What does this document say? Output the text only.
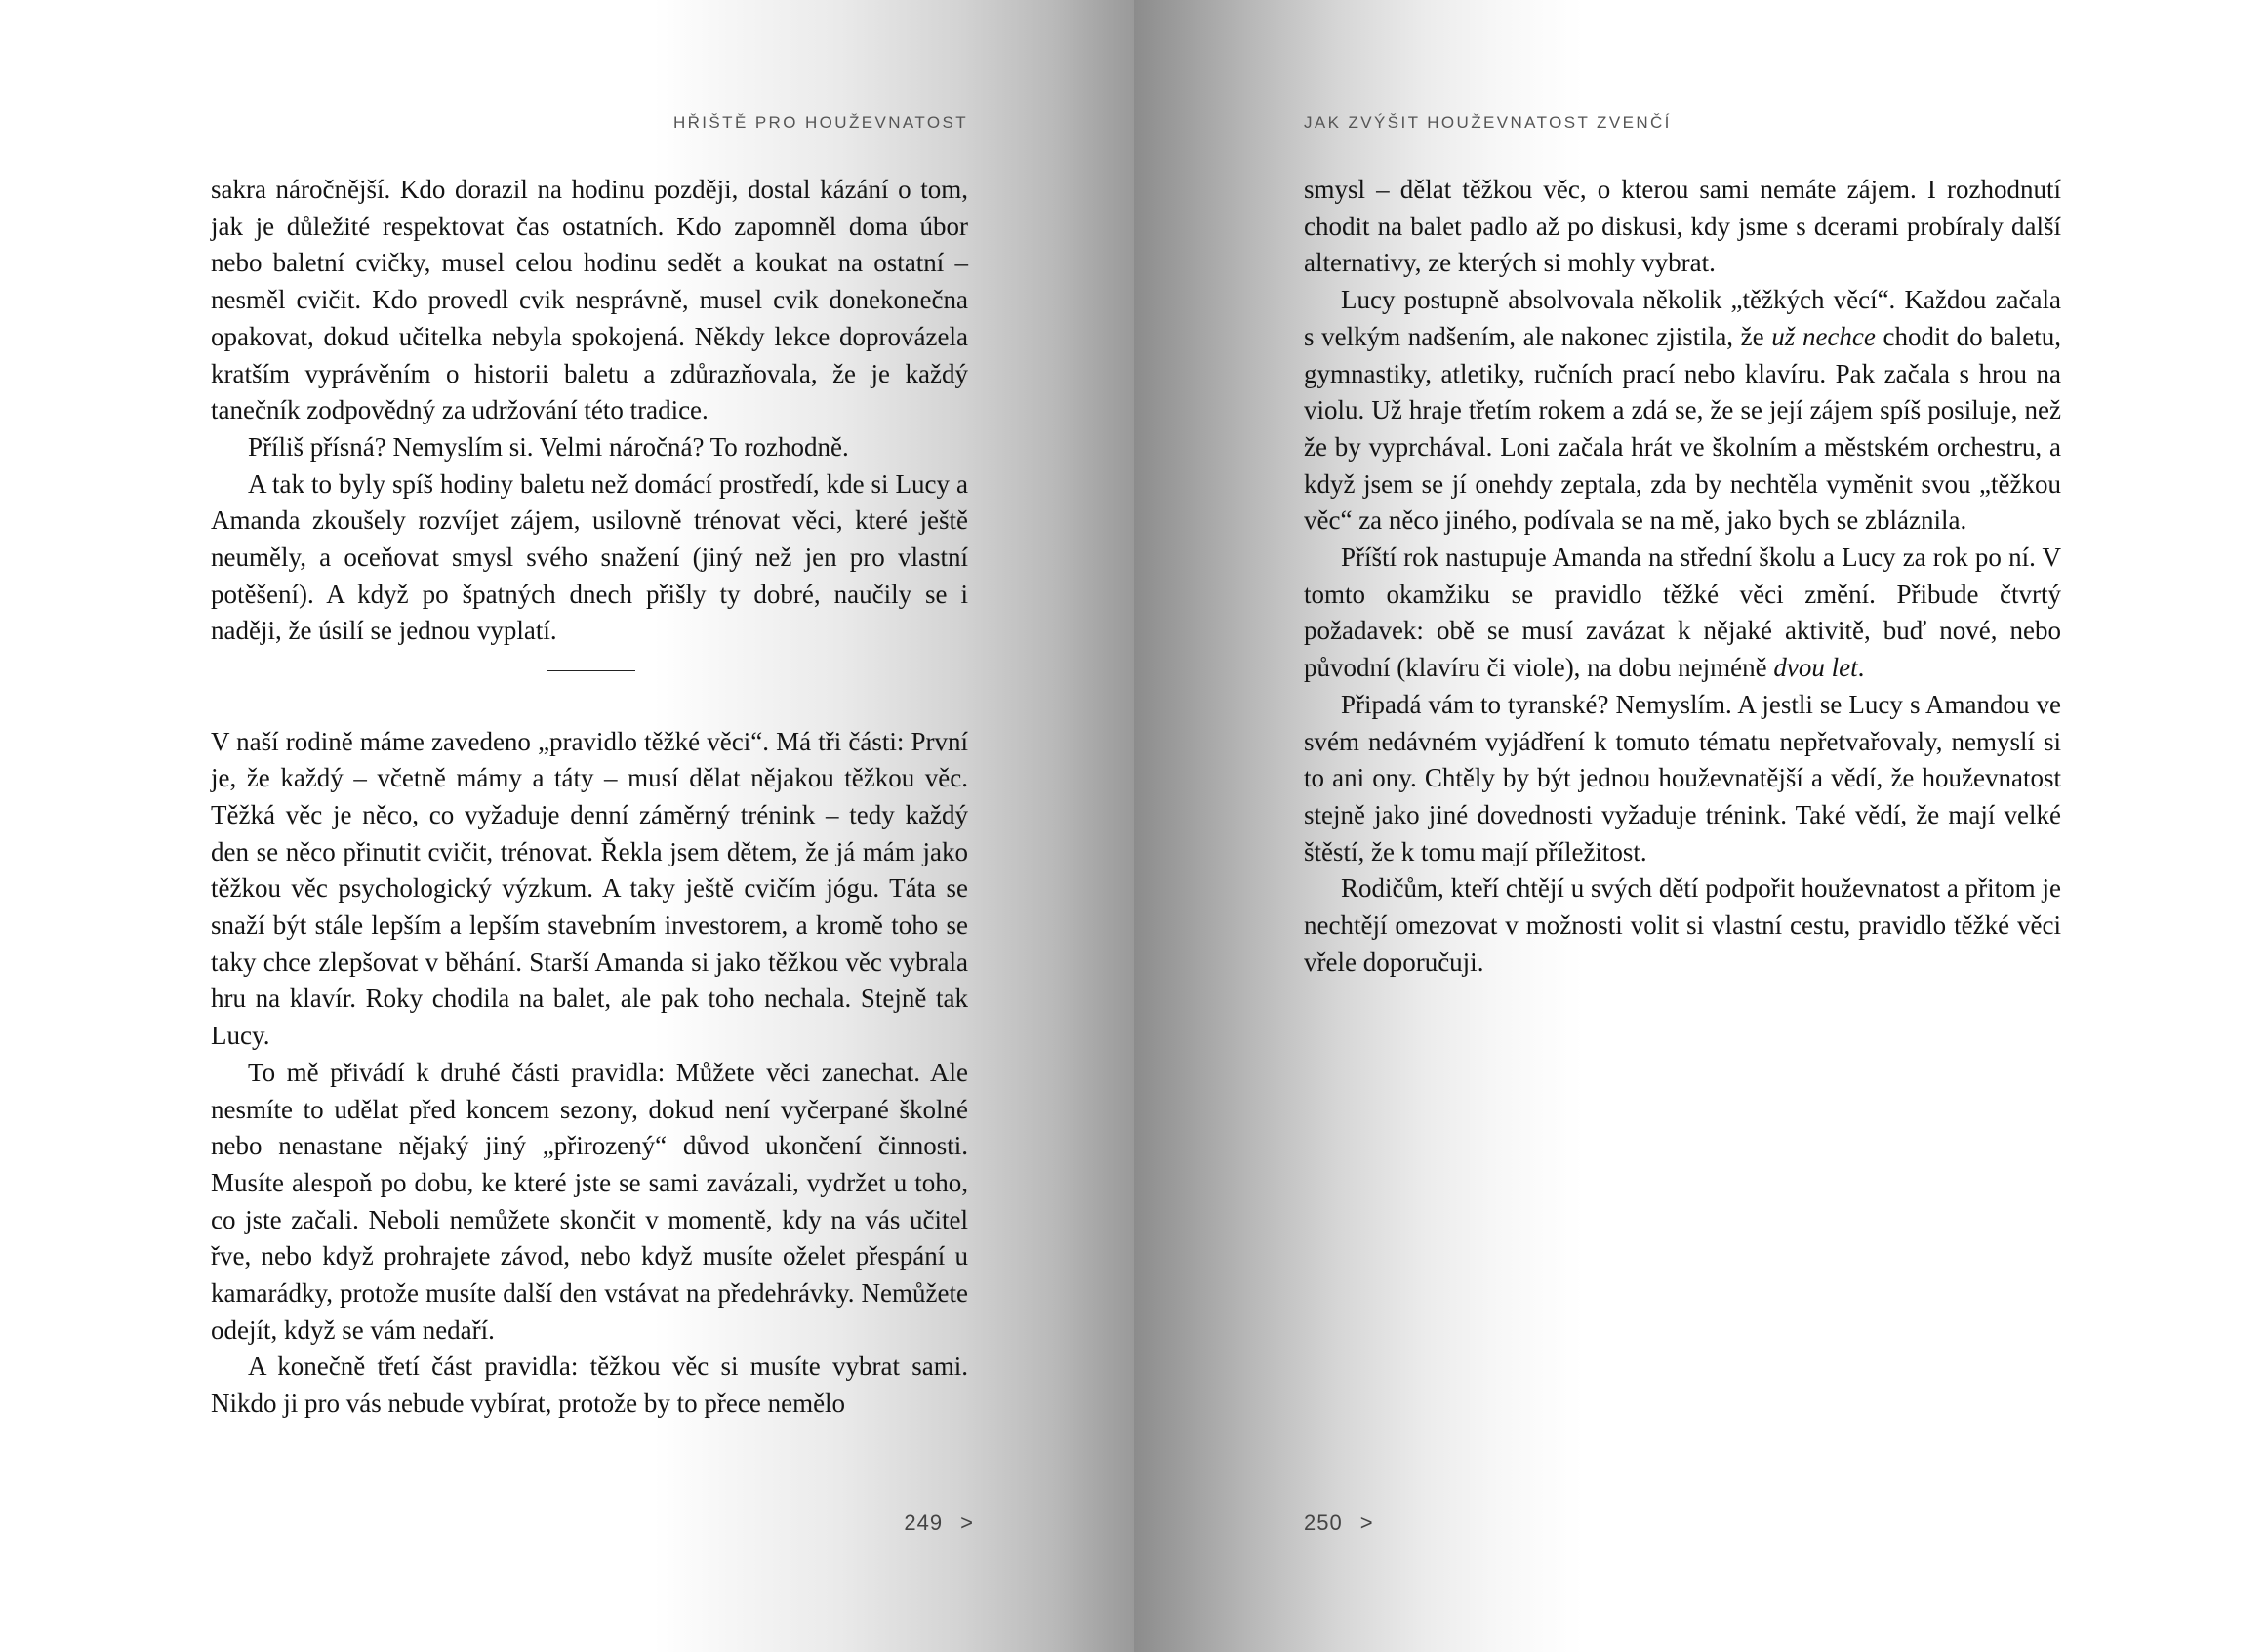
HŘIŠTĚ PRO HOUŽEVNATOST

sakra náročnější. Kdo dorazil na hodinu později, dostal kázání o tom, jak je důležité respektovat čas ostatních. Kdo zapomněl doma úbor nebo baletní cvičky, musel celou hodinu sedět a koukat na ostatní – nesměl cvičit. Kdo provedl cvik nesprávně, musel cvik donekonečna opakovat, dokud učitelka nebyla spokojená. Někdy lekce doprovázela kratším vyprávěním o historii baletu a zdůrazňovala, že je každý tanečník zodpovědný za udržování této tradice.

Příliš přísná? Nemyslím si. Velmi náročná? To rozhodně.

A tak to byly spíš hodiny baletu než domácí prostředí, kde si Lucy a Amanda zkoušely rozvíjet zájem, usilovně trénovat věci, které ještě neuměly, a oceňovat smysl svého snažení (jiný než jen pro vlastní potěšení). A když po špatných dnech přišly ty dobré, naučily se i naději, že úsilí se jednou vyplatí.

V naší rodině máme zavedeno „pravidlo těžké věci“. Má tři části: První je, že každý – včetně mámy a táty – musí dělat nějakou těžkou věc. Těžká věc je něco, co vyžaduje denní záměrný trénink – tedy každý den se něco přinutit cvičit, trénovat. Řekla jsem dětem, že já mám jako těžkou věc psychologický výzkum. A taky ještě cvičím jógu. Táta se snaží být stále lepším a lepším stavebním investorem, a kromě toho se taky chce zlepšovat v běhání. Starší Amanda si jako těžkou věc vybrala hru na klavír. Roky chodila na balet, ale pak toho nechala. Stejně tak Lucy.

To mě přivádí k druhé části pravidla: Můžete věci zanechat. Ale nesmíte to udělat před koncem sezony, dokud není vyčerpané školné nebo nenastane nějaký jiný „přirozený“ důvod ukončení činnosti. Musíte alespoň po dobu, ke které jste se sami zavázali, vydržet u toho, co jste začali. Neboli nemůžete skončit v momentě, kdy na vás učitel řve, nebo když prohrajete závod, nebo když musíte oželet přespání u kamarádky, protože musíte další den vstávat na předehrávky. Nemůžete odejít, když se vám nedaří.

A konečně třetí část pravidla: těžkou věc si musíte vybrat sami. Nikdo ji pro vás nebude vybírat, protože by to přece nemělo

249 >
JAK ZVÝŠIT HOUŽEVNATOST ZVENČÍ

smysl – dělat těžkou věc, o kterou sami nemáte zájem. I rozhodnutí chodit na balet padlo až po diskusi, kdy jsme s dcerami probíraly další alternativy, ze kterých si mohly vybrat.

Lucy postupně absolvovala několik „těžkých věcí“. Každou začala s velkým nadšením, ale nakonec zjistila, že už nechce chodit do baletu, gymnastiky, atletiky, ručních prací nebo klavíru. Pak začala s hrou na violu. Už hraje třetím rokem a zdá se, že se její zájem spíš posiluje, než že by vyprchával. Loni začala hrát ve školním a městském orchestru, a když jsem se jí onehdy zeptala, zda by nechtěla vyměnit svou „těžkou věc“ za něco jiného, podívala se na mě, jako bych se zbláznila.

Příští rok nastupuje Amanda na střední školu a Lucy za rok po ní. V tomto okamžiku se pravidlo těžké věci změní. Přibude čtvrtý požadavek: obě se musí zavázat k nějaké aktivitě, buď nové, nebo původní (klavíru či viole), na dobu nejméně dvou let.

Připadá vám to tyranské? Nemyslím. A jestli se Lucy s Amandou ve svém nedávném vyjádření k tomuto tématu nepřetvařovaly, nemyslí si to ani ony. Chtěly by být jednou houževnatější a vědí, že houževnatost stejně jako jiné dovednosti vyžaduje trénink. Také vědí, že mají velké štěstí, že k tomu mají příležitost.

Rodičům, kteří chtějí u svých dětí podpořit houževnatost a přitom je nechtějí omezovat v možnosti volit si vlastní cestu, pravidlo těžké věci vřele doporučuji.

250 >
